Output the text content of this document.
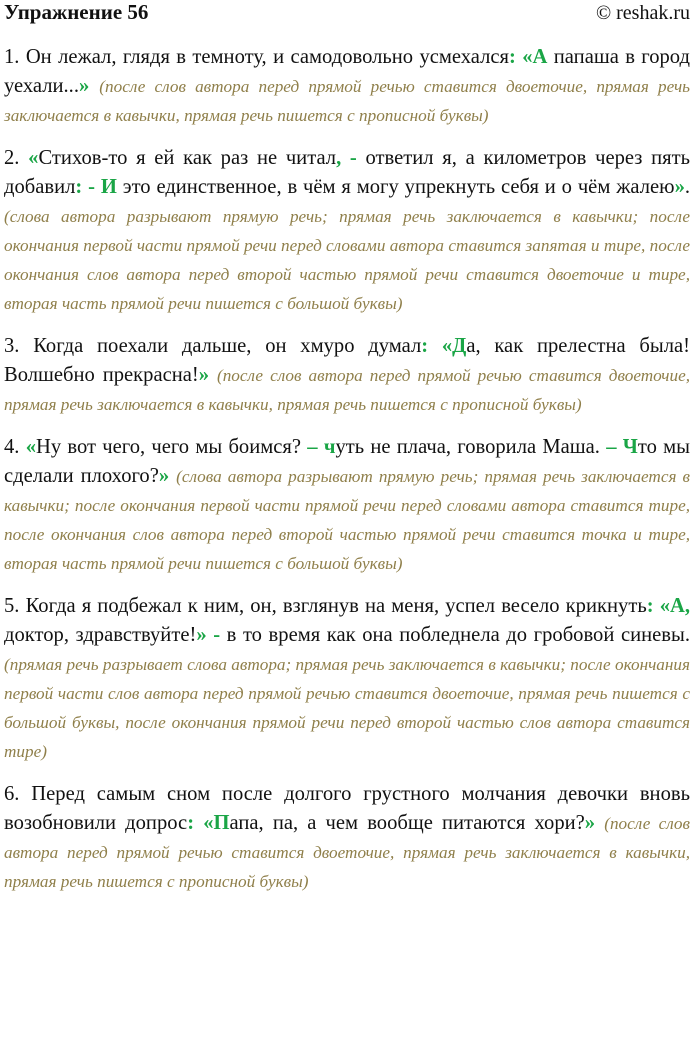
Упражнение 56	© reshak.ru

1. Он лежал, глядя в темноту, и самодовольно усмехался: «А папаша в город уехали...» (после слов автора перед прямой речью ставится двоеточие, прямая речь заключается в кавычки, прямая речь пишется с прописной буквы)

2. «Стихов-то я ей как раз не читал, - ответил я, а километров через пять добавил: - И это единственное, в чём я могу упрекнуть себя и о чём жалею». (слова автора разрывают прямую речь; прямая речь заключается в кавычки; после окончания первой части прямой речи перед словами автора ставится запятая и тире, после окончания слов автора перед второй частью прямой речи ставится двоеточие и тире, вторая часть прямой речи пишется с большой буквы)

3. Когда поехали дальше, он хмуро думал: «Да, как прелестна была! Волшебно прекрасна!» (после слов автора перед прямой речью ставится двоеточие, прямая речь заключается в кавычки, прямая речь пишется с прописной буквы)

4. «Ну вот чего, чего мы боимся? – чуть не плача, говорила Маша. – Что мы сделали плохого?» (слова автора разрывают прямую речь; прямая речь заключается в кавычки; после окончания первой части прямой речи перед словами автора ставится тире, после окончания слов автора перед второй частью прямой речи ставится точка и тире, вторая часть прямой речи пишется с большой буквы)

5. Когда я подбежал к ним, он, взглянув на меня, успел весело крикнуть: «А, доктор, здравствуйте!» - в то время как она побледнела до гробовой синевы. (прямая речь разрывает слова автора; прямая речь заключается в кавычки; после окончания первой части слов автора перед прямой речью ставится двоеточие, прямая речь пишется с большой буквы, после окончания прямой речи перед второй частью слов автора ставится тире)

6. Перед самым сном после долгого грустного молчания девочки вновь возобновили допрос: «Папа, па, а чем вообще питаются хори?» (после слов автора перед прямой речью ставится двоеточие, прямая речь заключается в кавычки, прямая речь пишется с прописной буквы)
